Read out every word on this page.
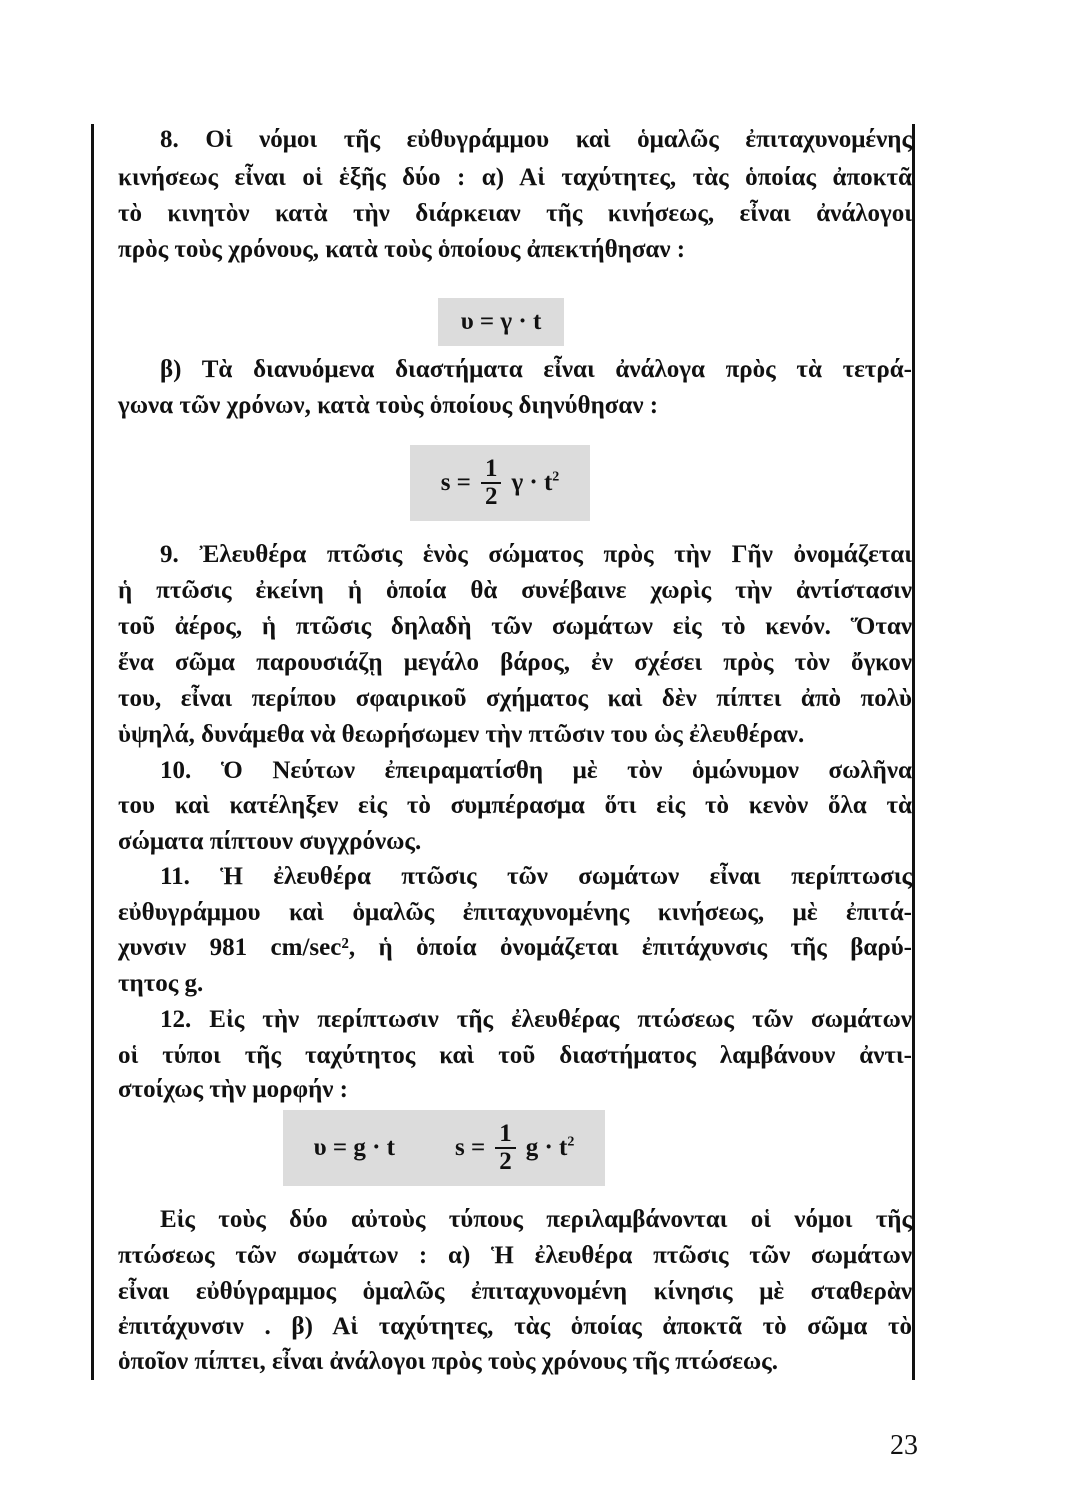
8. Οἱ νόμοι τῆς εὐθυγράμμου καὶ ὁμαλῶς ἐπιταχυνομένης
κινήσεως εἶναι οἱ ἑξῆς δύο : α) Αἱ ταχύτητες, τὰς ὁποίας ἀποκτᾶ
τὸ κινητὸν κατὰ τὴν διάρκειαν τῆς κινήσεως, εἶναι ἀνάλογοι
πρὸς τοὺς χρόνους, κατὰ τοὺς ὁποίους ἀπεκτήθησαν :
β) Τὰ διανυόμενα διαστήματα εἶναι ἀνάλογα πρὸς τὰ τετρά-
γωνα τῶν χρόνων, κατὰ τοὺς ὁποίους διηνύθησαν :
9. Ἐλευθέρα πτῶσις ἑνὸς σώματος πρὸς τὴν Γῆν ὀνομάζεται
ἡ πτῶσις ἐκείνη ἡ ὁποία θὰ συνέβαινε χωρὶς τὴν ἀντίστασιν
τοῦ ἀέρος, ἡ πτῶσις δηλαδὴ τῶν σωμάτων εἰς τὸ κενόν. Ὅταν
ἕνα σῶμα παρουσιάζῃ μεγάλο βάρος, ἐν σχέσει πρὸς τὸν ὄγκον
του, εἶναι περίπου σφαιρικοῦ σχήματος καὶ δὲν πίπτει ἀπὸ πολὺ
ὑψηλά, δυνάμεθα νὰ θεωρήσωμεν τὴν πτῶσιν του ὡς ἐλευθέραν.
10. Ὁ Νεύτων ἐπειραματίσθη μὲ τὸν ὁμώνυμον σωλῆνα
του καὶ κατέληξεν εἰς τὸ συμπέρασμα ὅτι εἰς τὸ κενὸν ὅλα τὰ
σώματα πίπτουν συγχρόνως.
11. Ἡ ἐλευθέρα πτῶσις τῶν σωμάτων εἶναι περίπτωσις
εὐθυγράμμου καὶ ὁμαλῶς ἐπιταχυνομένης κινήσεως, μὲ ἐπιτά-
χυνσιν 981 cm/sec², ἡ ὁποία ὀνομάζεται ἐπιτάχυνσις τῆς βαρύ-
τητος g.
12. Εἰς τὴν περίπτωσιν τῆς ἐλευθέρας πτώσεως τῶν σωμάτων
οἱ τύποι τῆς ταχύτητος καὶ τοῦ διαστήματος λαμβάνουν ἀντι-
στοίχως τὴν μορφήν :
Εἰς τοὺς δύο αὐτοὺς τύπους περιλαμβάνονται οἱ νόμοι τῆς
πτώσεως τῶν σωμάτων : α) Ἡ ἐλευθέρα πτῶσις τῶν σωμάτων
εἶναι εὐθύγραμμος ὁμαλῶς ἐπιταχυνομένη κίνησις μὲ σταθερὰν
ἐπιτάχυνσιν . β) Αἱ ταχύτητες, τὰς ὁποίας ἀποκτᾶ τὸ σῶμα τὸ
ὁποῖον πίπτει, εἶναι ἀνάλογοι πρὸς τοὺς χρόνους τῆς πτώσεως.
υ = γ · t
$s = \frac{1}{2}$ $\gamma \cdot t^2$
υ = g · t $s = \frac{1}{2}$ $g \cdot t^2$
23
